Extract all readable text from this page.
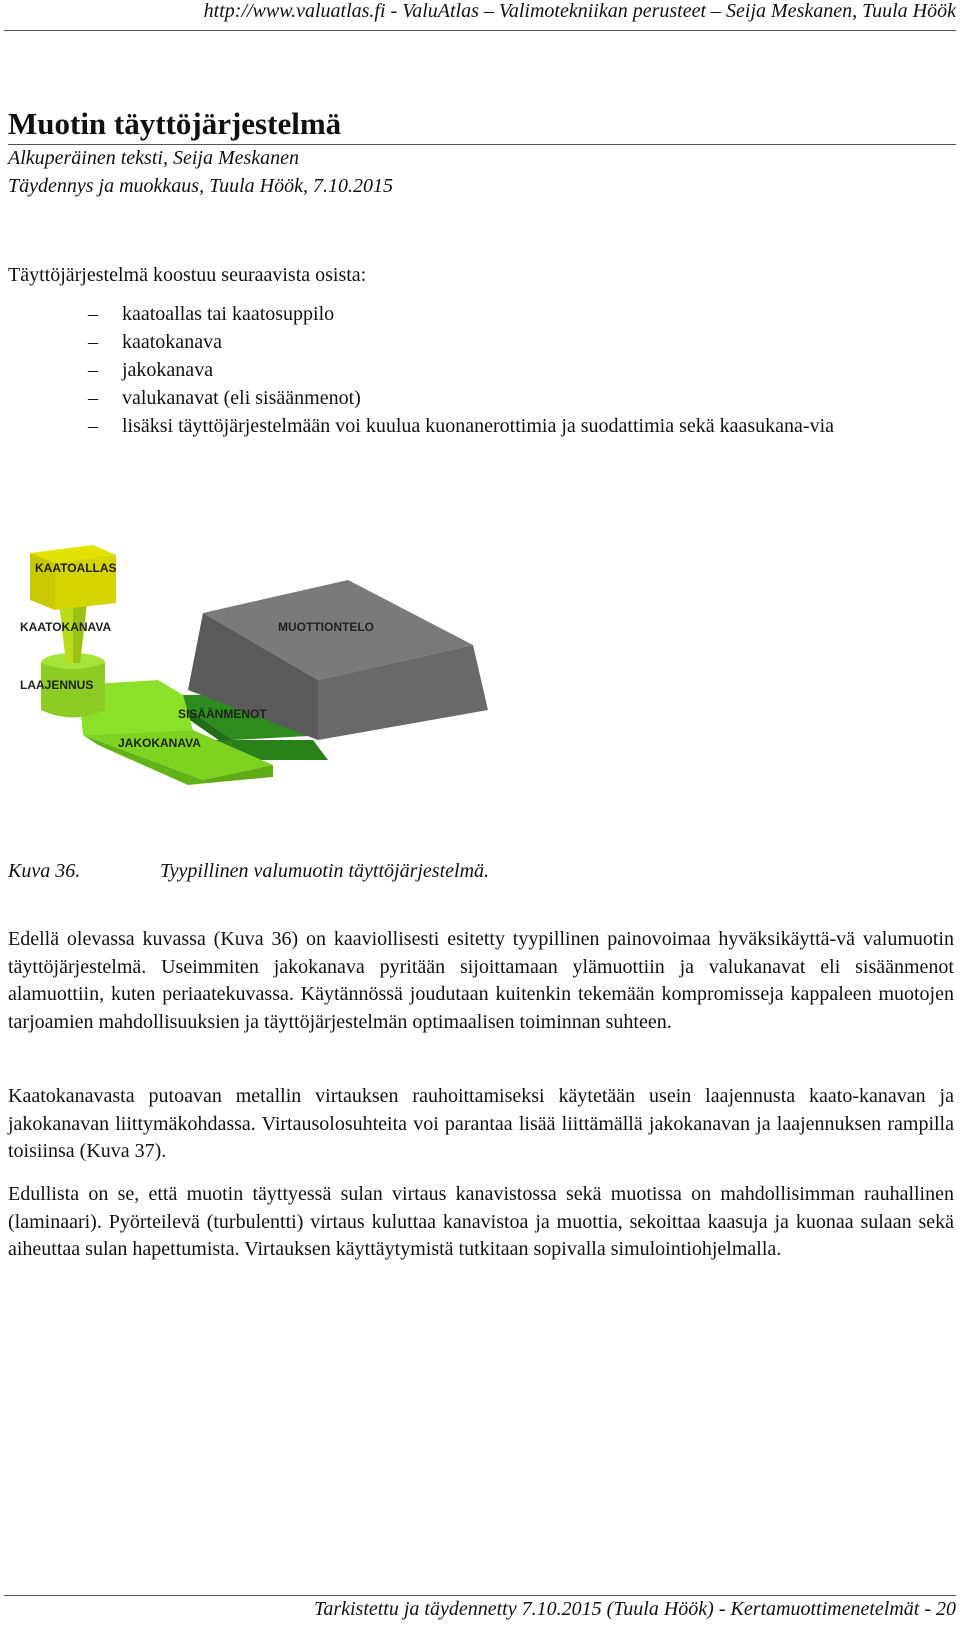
http://www.valuatlas.fi - ValuAtlas – Valimotekniikan perusteet – Seija Meskanen, Tuula Höök
Muotin täyttöjärjestelmä
Alkuperäinen teksti, Seija Meskanen
Täydennys ja muokkaus, Tuula Höök, 7.10.2015
Täyttöjärjestelmä koostuu seuraavista osista:
– kaatoallas tai kaatosuppilo
– kaatokanava
– jakokanava
– valukanavat (eli sisäänmenot)
– lisäksi täyttöjärjestelmään voi kuulua kuonanerottimia ja suodattimia sekä kaasukana-via
KAATOALLAS
KAATOKANAVA
LAAJENNUS
SISÄÄNMENOT
JAKOKANAVA
MUOTTIONTELO
Kuva 36.	Tyypillinen valumuotin täyttöjärjestelmä.

Edellä olevassa kuvassa (Kuva 36) on kaaviollisesti esitetty tyypillinen painovoimaa hyväksikäyttä-vä valumuotin täyttöjärjestelmä. Useimmiten jakokanava pyritään sijoittamaan ylämuottiin ja valukanavat eli sisäänmenot alamuottiin, kuten periaatekuvassa. Käytännössä joudutaan kuitenkin tekemään kompromisseja kappaleen muotojen tarjoamien mahdollisuuksien ja täyttöjärjestelmän optimaalisen toiminnan suhteen.

Kaatokanavasta putoavan metallin virtauksen rauhoittamiseksi käytetään usein laajennusta kaato-kanavan ja jakokanavan liittymäkohdassa. Virtausolosuhteita voi parantaa lisää liittämällä jakokanavan ja laajennuksen rampilla toisiinsa (Kuva 37).

Edullista on se, että muotin täyttyessä sulan virtaus kanavistossa sekä muotissa on mahdollisimman rauhallinen (laminaari). Pyörteilevä (turbulentti) virtaus kuluttaa kanavistoa ja muottia, sekoittaa kaasuja ja kuonaa sulaan sekä aiheuttaa sulan hapettumista. Virtauksen käyttäytymistä tutkitaan sopivalla simulointiohjelmalla.

Tarkistettu ja täydennetty 7.10.2015 (Tuula Höök) - Kertamuottimenetelmät - 20
